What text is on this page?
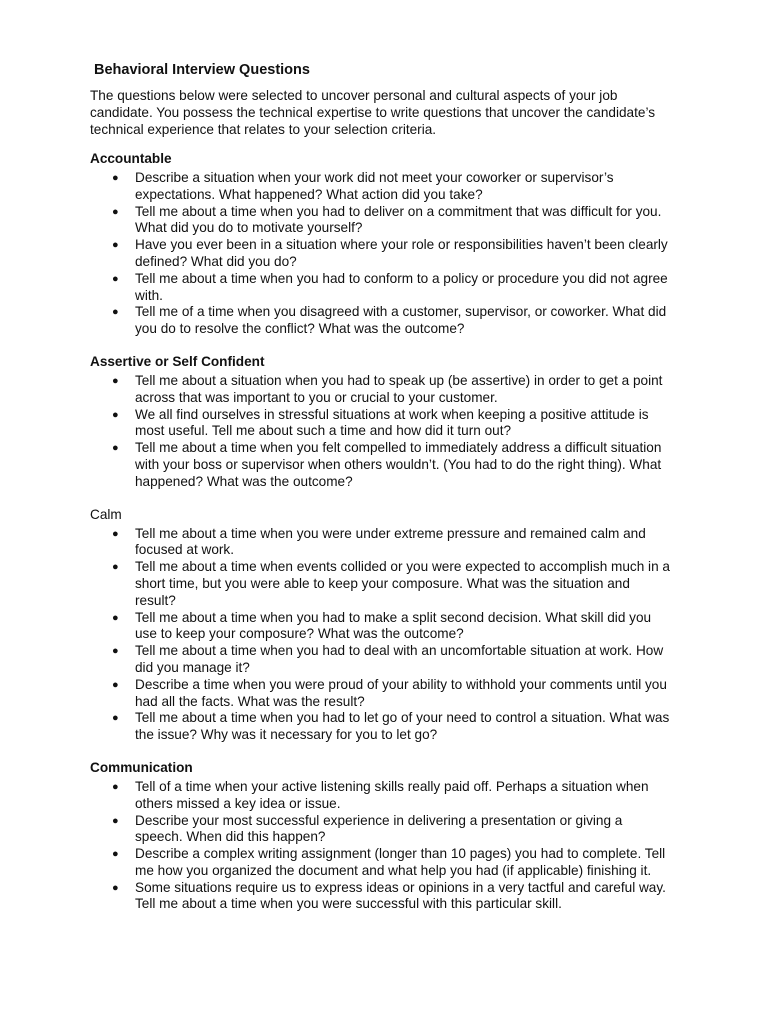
Behavioral Interview Questions

The questions below were selected to uncover personal and cultural aspects of your job candidate. You possess the technical expertise to write questions that uncover the candidate’s technical experience that relates to your selection criteria.

Accountable
● Describe a situation when your work did not meet your coworker or supervisor’s expectations. What happened? What action did you take?
● Tell me about a time when you had to deliver on a commitment that was difficult for you. What did you do to motivate yourself?
● Have you ever been in a situation where your role or responsibilities haven’t been clearly defined? What did you do?
● Tell me about a time when you had to conform to a policy or procedure you did not agree with.
● Tell me of a time when you disagreed with a customer, supervisor, or coworker. What did you do to resolve the conflict? What was the outcome?
Assertive or Self Confident
● Tell me about a situation when you had to speak up (be assertive) in order to get a point across that was important to you or crucial to your customer.
● We all find ourselves in stressful situations at work when keeping a positive attitude is most useful. Tell me about such a time and how did it turn out?
● Tell me about a time when you felt compelled to immediately address a difficult situation with your boss or supervisor when others wouldn’t. (You had to do the right thing). What happened? What was the outcome?
Calm
● Tell me about a time when you were under extreme pressure and remained calm and focused at work.
● Tell me about a time when events collided or you were expected to accomplish much in a short time, but you were able to keep your composure. What was the situation and result?
● Tell me about a time when you had to make a split second decision. What skill did you use to keep your composure? What was the outcome?
● Tell me about a time when you had to deal with an uncomfortable situation at work. How did you manage it?
● Describe a time when you were proud of your ability to withhold your comments until you had all the facts. What was the result?
● Tell me about a time when you had to let go of your need to control a situation. What was the issue? Why was it necessary for you to let go?
Communication
● Tell of a time when your active listening skills really paid off. Perhaps a situation when others missed a key idea or issue.
● Describe your most successful experience in delivering a presentation or giving a speech. When did this happen?
● Describe a complex writing assignment (longer than 10 pages) you had to complete. Tell me how you organized the document and what help you had (if applicable) finishing it.
● Some situations require us to express ideas or opinions in a very tactful and careful way. Tell me about a time when you were successful with this particular skill.
